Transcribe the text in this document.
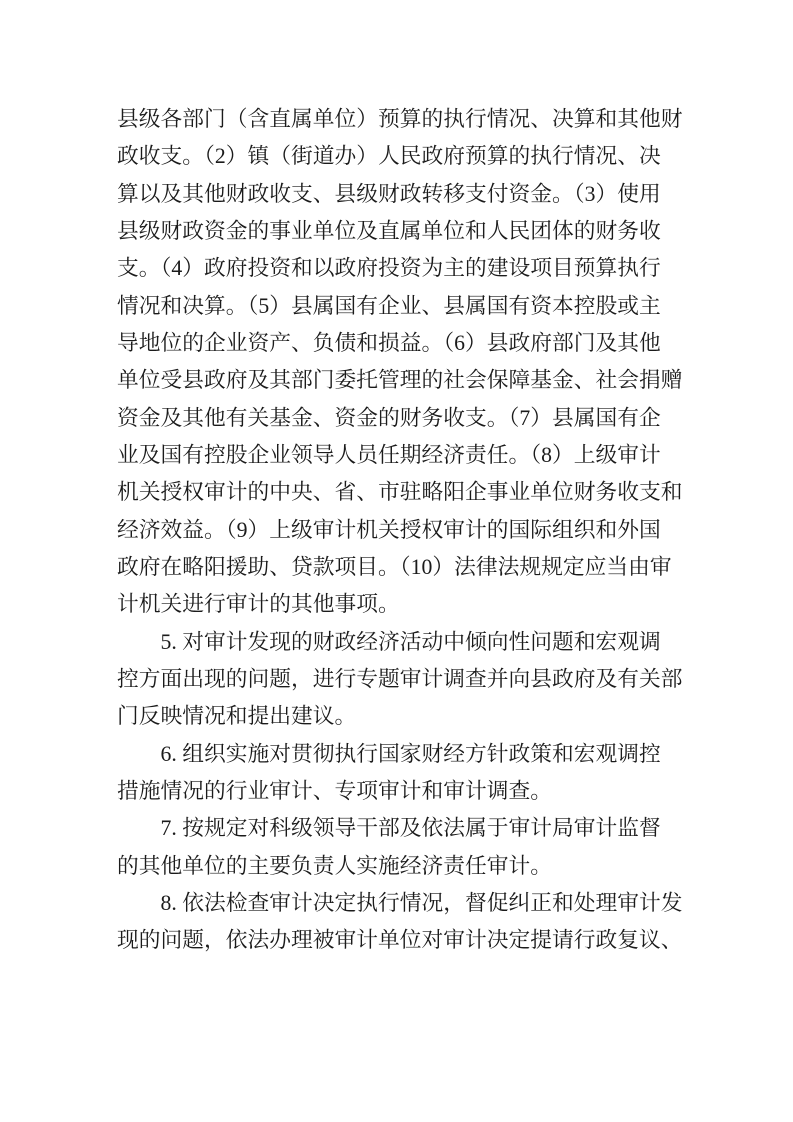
县级各部门（含直属单位）预算的执行情况、决算和其他财
政收支。（2）镇（街道办）人民政府预算的执行情况、决
算以及其他财政收支、县级财政转移支付资金。（3）使用
县级财政资金的事业单位及直属单位和人民团体的财务收
支。（4）政府投资和以政府投资为主的建设项目预算执行
情况和决算。（5）县属国有企业、县属国有资本控股或主
导地位的企业资产、负债和损益。（6）县政府部门及其他
单位受县政府及其部门委托管理的社会保障基金、社会捐赠
资金及其他有关基金、资金的财务收支。（7）县属国有企
业及国有控股企业领导人员任期经济责任。（8）上级审计
机关授权审计的中央、省、市驻略阳企事业单位财务收支和
经济效益。（9）上级审计机关授权审计的国际组织和外国
政府在略阳援助、贷款项目。（10）法律法规规定应当由审
计机关进行审计的其他事项。
5. 对审计发现的财政经济活动中倾向性问题和宏观调
控方面出现的问题，进行专题审计调查并向县政府及有关部
门反映情况和提出建议。
6. 组织实施对贯彻执行国家财经方针政策和宏观调控
措施情况的行业审计、专项审计和审计调查。
7. 按规定对科级领导干部及依法属于审计局审计监督
的其他单位的主要负责人实施经济责任审计。
8. 依法检查审计决定执行情况，督促纠正和处理审计发
现的问题，依法办理被审计单位对审计决定提请行政复议、
